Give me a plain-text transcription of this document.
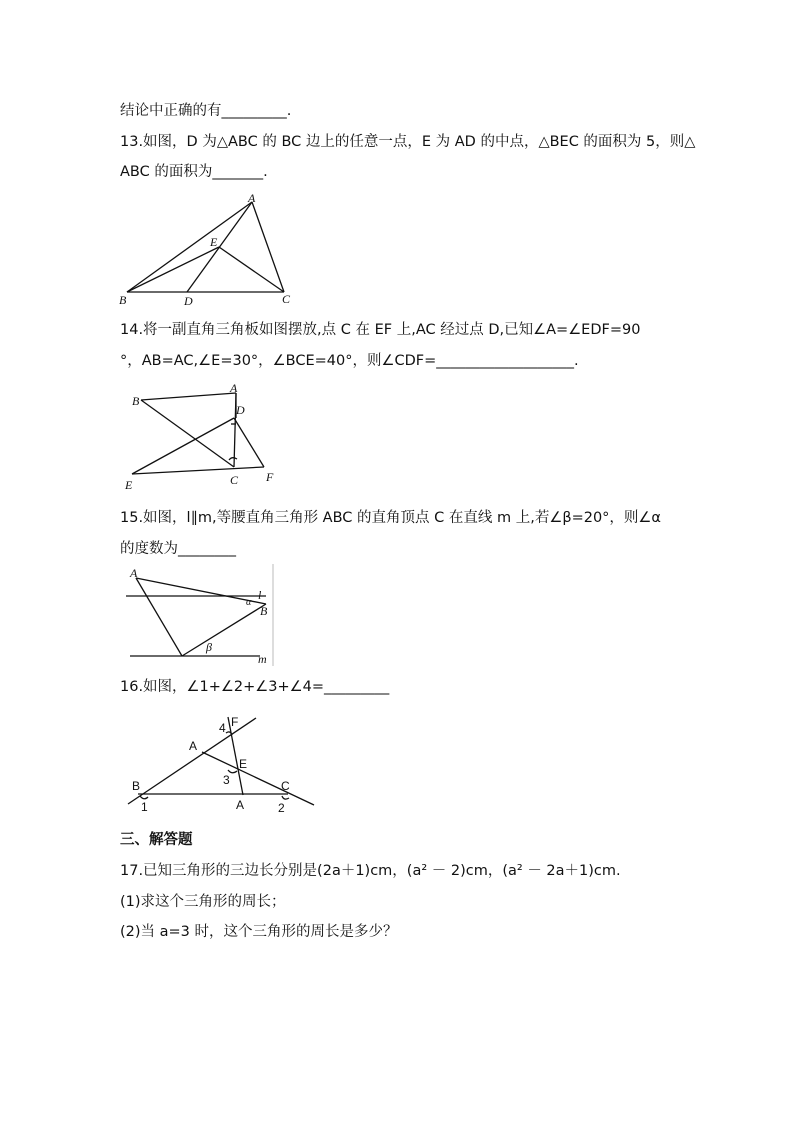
结论中正确的有_________.
13.如图，D 为△ABC 的 BC 边上的任意一点，E 为 AD 的中点，△BEC 的面积为 5，则△
ABC 的面积为_______.
A
E
B	D	C
14.将一副直角三角板如图摆放,点 C 在 EF 上,AC 经过点 D,已知∠A=∠EDF=90
°，AB=AC,∠E=30°，∠BCE=40°，则∠CDF=___________________.
A
B
D
C F
E
15.如图，l∥m,等腰直角三角形 ABC 的直角顶点 C 在直线 m 上,若∠β=20°，则∠α
的度数为________
A
l
α
B
β
m
16.如图，∠1+∠2+∠3+∠4=_________
4 F
A
E
3
B	C
1	A	2
三、解答题
17.已知三角形的三边长分别是(2a＋1)cm，(a² － 2)cm，(a² － 2a＋1)cm.
(1)求这个三角形的周长；
(2)当 a=3 时，这个三角形的周长是多少？
